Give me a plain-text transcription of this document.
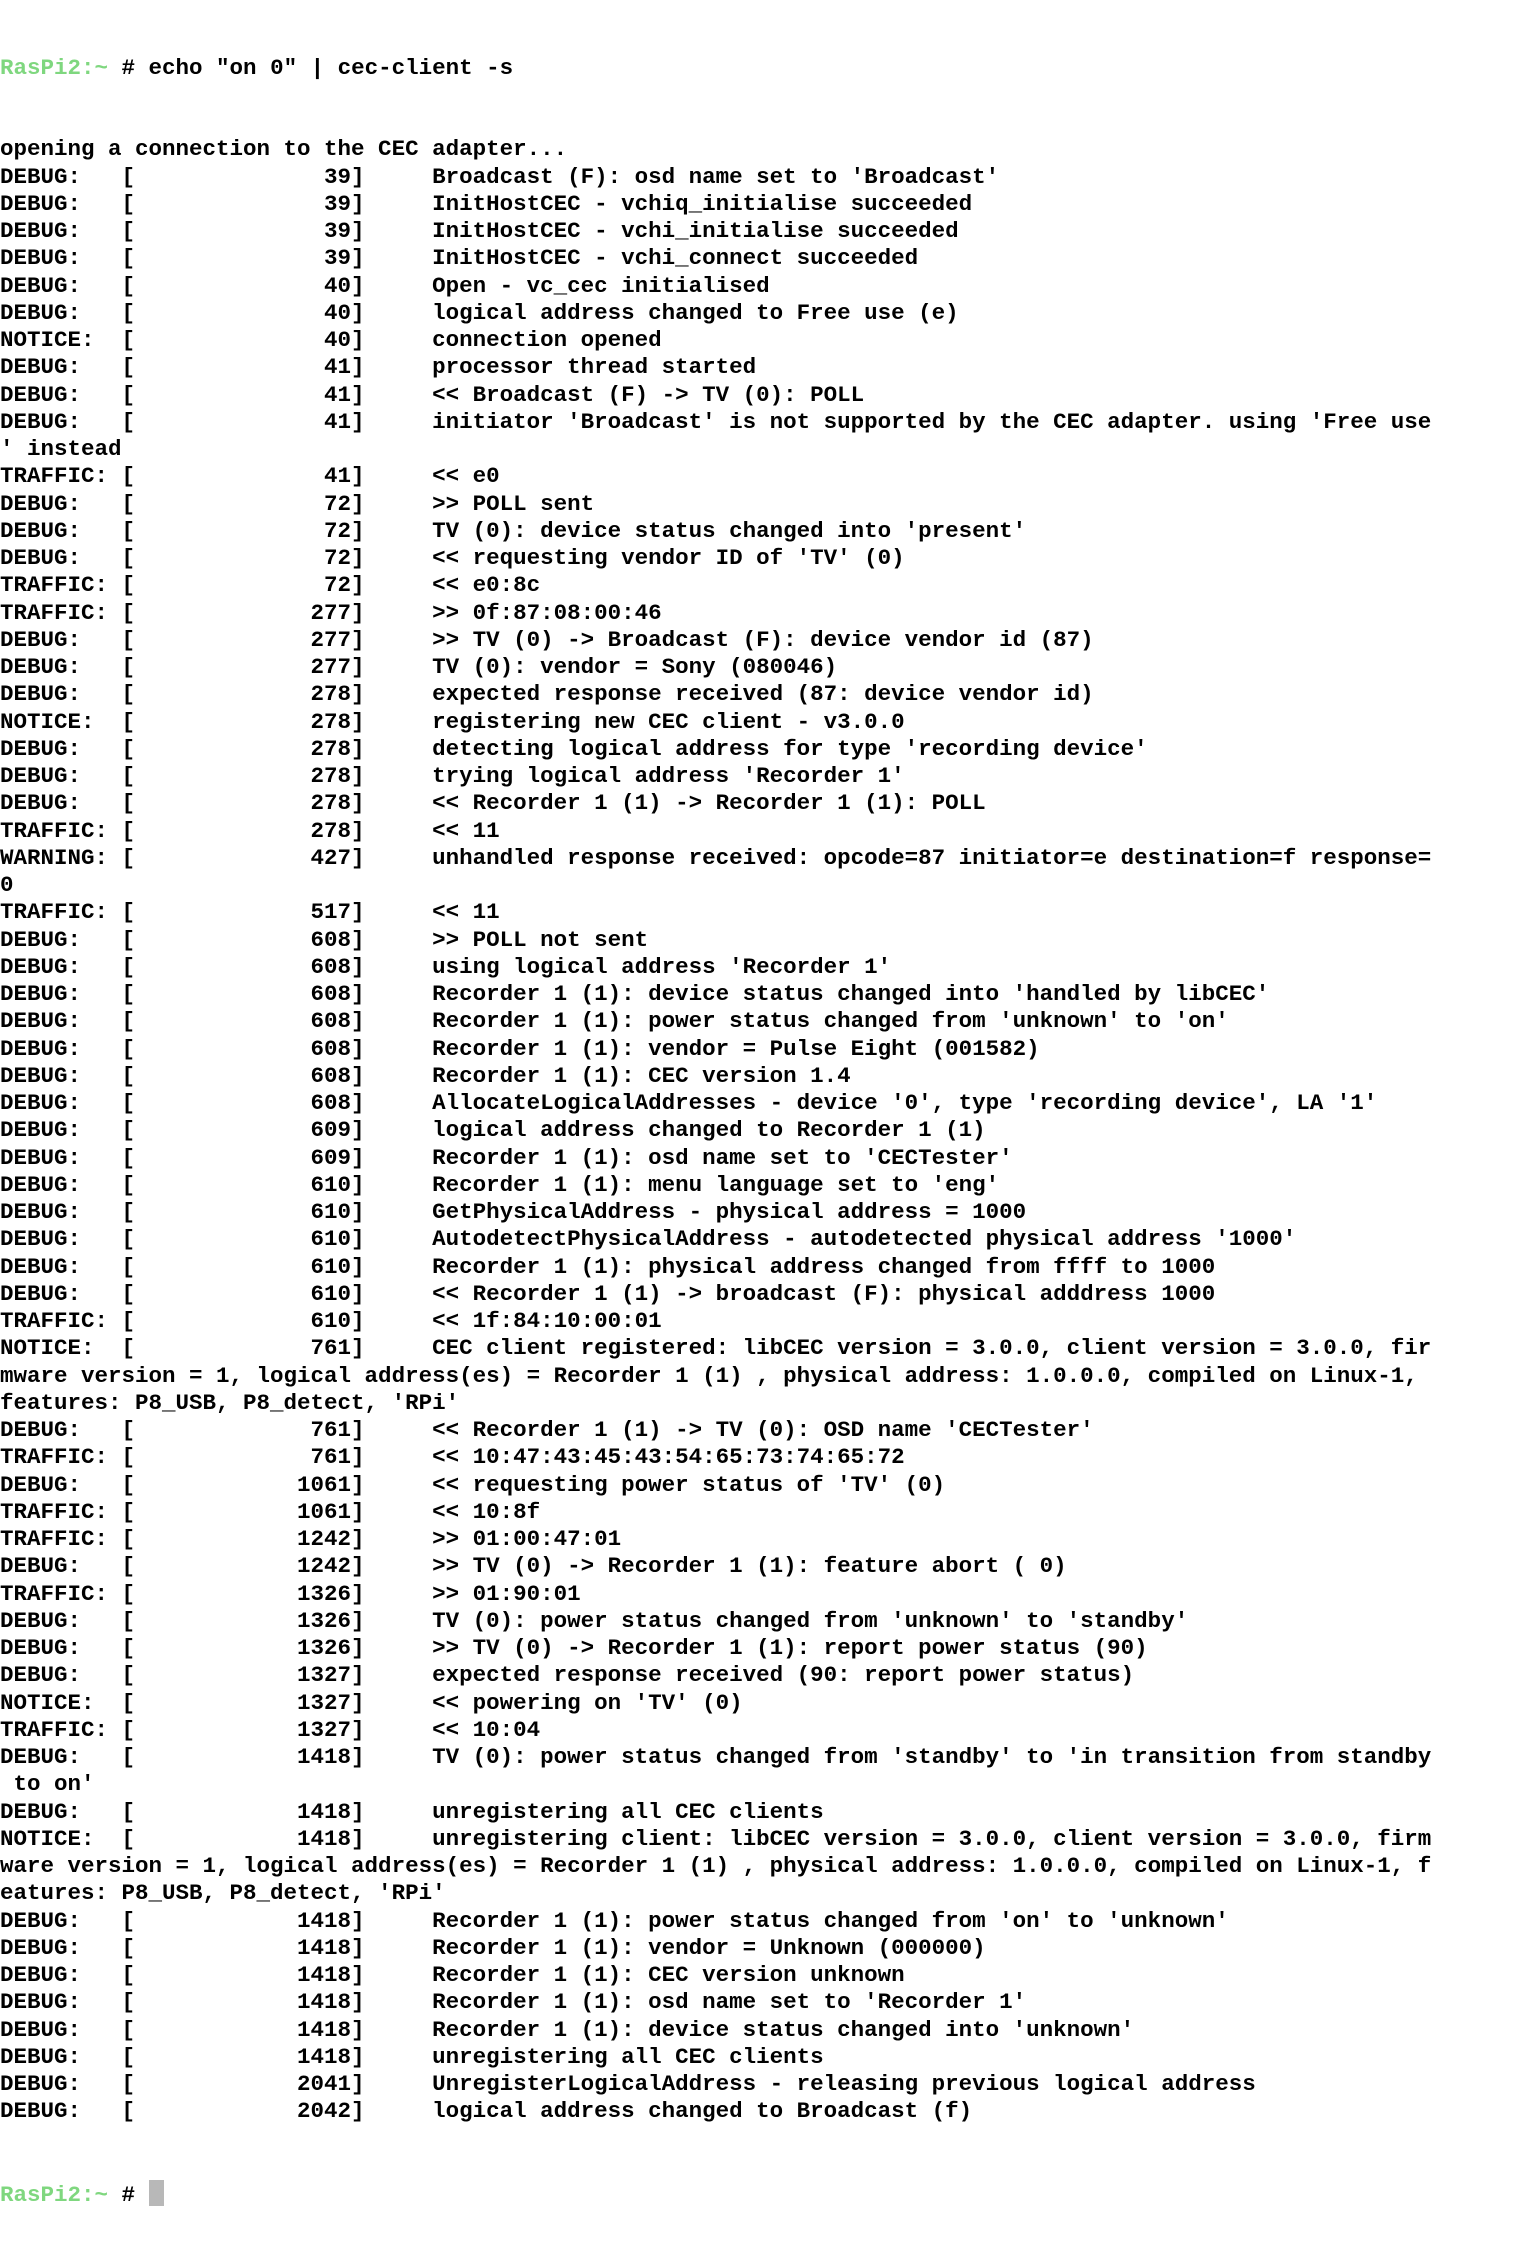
RasPi2:~ # echo "on 0" | cec-client -s

opening a connection to the CEC adapter...
DEBUG:   [              39]     Broadcast (F): osd name set to 'Broadcast'
DEBUG:   [              39]     InitHostCEC - vchiq_initialise succeeded
DEBUG:   [              39]     InitHostCEC - vchi_initialise succeeded
DEBUG:   [              39]     InitHostCEC - vchi_connect succeeded
DEBUG:   [              40]     Open - vc_cec initialised
DEBUG:   [              40]     logical address changed to Free use (e)
NOTICE:  [              40]     connection opened
DEBUG:   [              41]     processor thread started
DEBUG:   [              41]     << Broadcast (F) -> TV (0): POLL
DEBUG:   [              41]     initiator 'Broadcast' is not supported by the CEC adapter. using 'Free use
' instead
TRAFFIC: [              41]     << e0
DEBUG:   [              72]     >> POLL sent
DEBUG:   [              72]     TV (0): device status changed into 'present'
DEBUG:   [              72]     << requesting vendor ID of 'TV' (0)
TRAFFIC: [              72]     << e0:8c
TRAFFIC: [             277]     >> 0f:87:08:00:46
DEBUG:   [             277]     >> TV (0) -> Broadcast (F): device vendor id (87)
DEBUG:   [             277]     TV (0): vendor = Sony (080046)
DEBUG:   [             278]     expected response received (87: device vendor id)
NOTICE:  [             278]     registering new CEC client - v3.0.0
DEBUG:   [             278]     detecting logical address for type 'recording device'
DEBUG:   [             278]     trying logical address 'Recorder 1'
DEBUG:   [             278]     << Recorder 1 (1) -> Recorder 1 (1): POLL
TRAFFIC: [             278]     << 11
WARNING: [             427]     unhandled response received: opcode=87 initiator=e destination=f response=
0
TRAFFIC: [             517]     << 11
DEBUG:   [             608]     >> POLL not sent
DEBUG:   [             608]     using logical address 'Recorder 1'
DEBUG:   [             608]     Recorder 1 (1): device status changed into 'handled by libCEC'
DEBUG:   [             608]     Recorder 1 (1): power status changed from 'unknown' to 'on'
DEBUG:   [             608]     Recorder 1 (1): vendor = Pulse Eight (001582)
DEBUG:   [             608]     Recorder 1 (1): CEC version 1.4
DEBUG:   [             608]     AllocateLogicalAddresses - device '0', type 'recording device', LA '1'
DEBUG:   [             609]     logical address changed to Recorder 1 (1)
DEBUG:   [             609]     Recorder 1 (1): osd name set to 'CECTester'
DEBUG:   [             610]     Recorder 1 (1): menu language set to 'eng'
DEBUG:   [             610]     GetPhysicalAddress - physical address = 1000
DEBUG:   [             610]     AutodetectPhysicalAddress - autodetected physical address '1000'
DEBUG:   [             610]     Recorder 1 (1): physical address changed from ffff to 1000
DEBUG:   [             610]     << Recorder 1 (1) -> broadcast (F): physical adddress 1000
TRAFFIC: [             610]     << 1f:84:10:00:01
NOTICE:  [             761]     CEC client registered: libCEC version = 3.0.0, client version = 3.0.0, fir
mware version = 1, logical address(es) = Recorder 1 (1) , physical address: 1.0.0.0, compiled on Linux-1,
features: P8_USB, P8_detect, 'RPi'
DEBUG:   [             761]     << Recorder 1 (1) -> TV (0): OSD name 'CECTester'
TRAFFIC: [             761]     << 10:47:43:45:43:54:65:73:74:65:72
DEBUG:   [            1061]     << requesting power status of 'TV' (0)
TRAFFIC: [            1061]     << 10:8f
TRAFFIC: [            1242]     >> 01:00:47:01
DEBUG:   [            1242]     >> TV (0) -> Recorder 1 (1): feature abort ( 0)
TRAFFIC: [            1326]     >> 01:90:01
DEBUG:   [            1326]     TV (0): power status changed from 'unknown' to 'standby'
DEBUG:   [            1326]     >> TV (0) -> Recorder 1 (1): report power status (90)
DEBUG:   [            1327]     expected response received (90: report power status)
NOTICE:  [            1327]     << powering on 'TV' (0)
TRAFFIC: [            1327]     << 10:04
DEBUG:   [            1418]     TV (0): power status changed from 'standby' to 'in transition from standby
to on'
DEBUG:   [            1418]     unregistering all CEC clients
NOTICE:  [            1418]     unregistering client: libCEC version = 3.0.0, client version = 3.0.0, firm
ware version = 1, logical address(es) = Recorder 1 (1) , physical address: 1.0.0.0, compiled on Linux-1, f
eatures: P8_USB, P8_detect, 'RPi'
DEBUG:   [            1418]     Recorder 1 (1): power status changed from 'on' to 'unknown'
DEBUG:   [            1418]     Recorder 1 (1): vendor = Unknown (000000)
DEBUG:   [            1418]     Recorder 1 (1): CEC version unknown
DEBUG:   [            1418]     Recorder 1 (1): osd name set to 'Recorder 1'
DEBUG:   [            1418]     Recorder 1 (1): device status changed into 'unknown'
DEBUG:   [            1418]     unregistering all CEC clients
DEBUG:   [            2041]     UnregisterLogicalAddress - releasing previous logical address
DEBUG:   [            2042]     logical address changed to Broadcast (f)

RasPi2:~ #
